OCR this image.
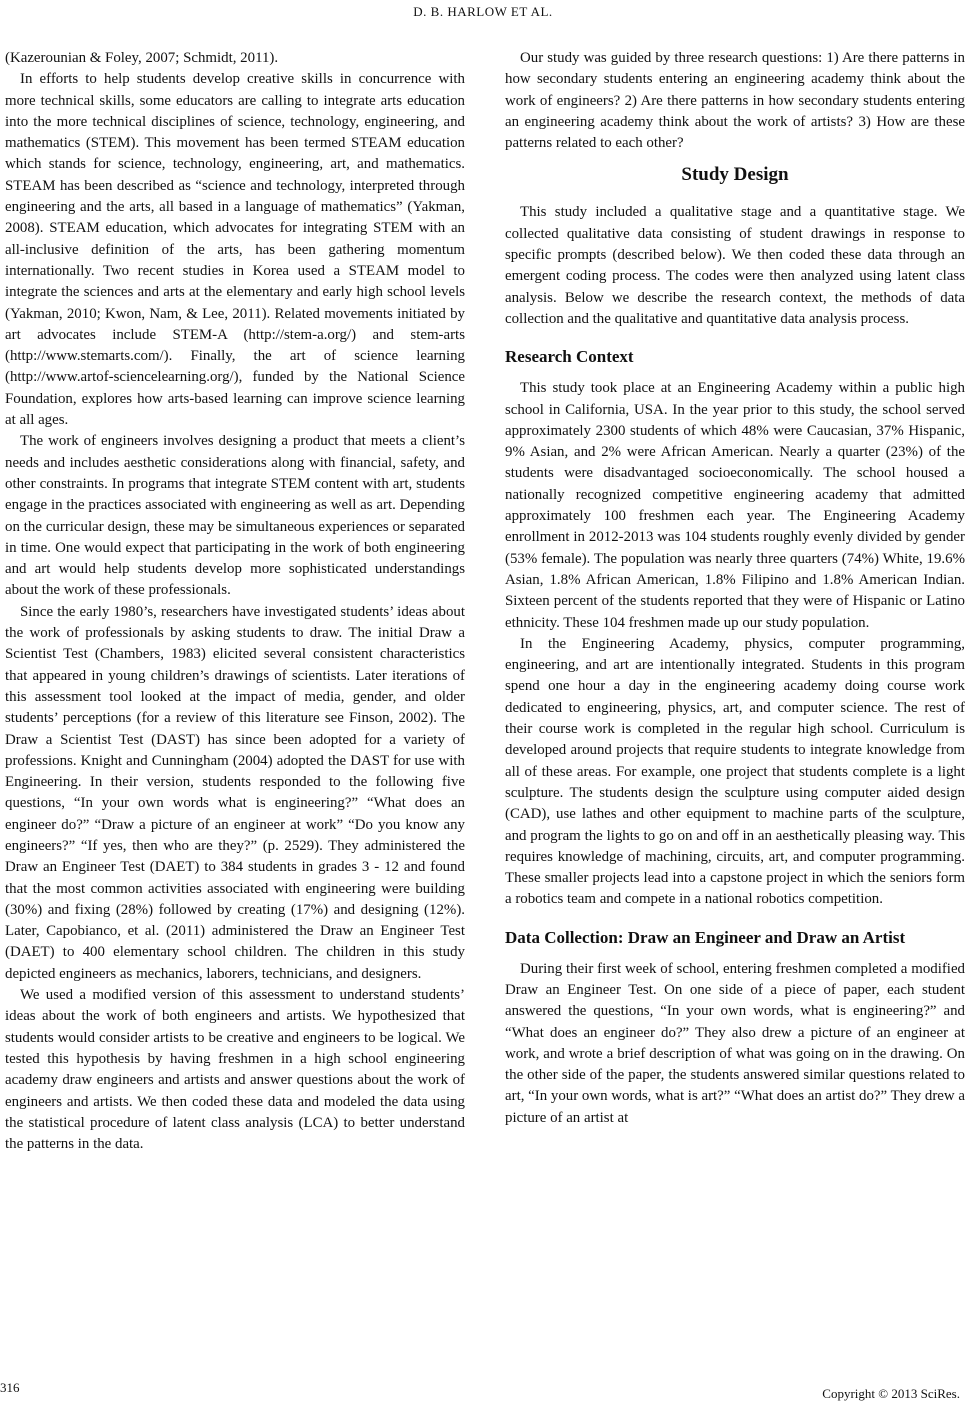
D. B. HARLOW ET AL.

(Kazerounian & Foley, 2007; Schmidt, 2011).

In efforts to help students develop creative skills in concurrence with more technical skills, some educators are calling to integrate arts education into the more technical disciplines of science, technology, engineering, and mathematics (STEM). This movement has been termed STEAM education which stands for science, technology, engineering, art, and mathematics. STEAM has been described as “science and technology, interpreted through engineering and the arts, all based in a language of mathematics” (Yakman, 2008). STEAM education, which advocates for integrating STEM with an all-inclusive definition of the arts, has been gathering momentum internationally. Two recent studies in Korea used a STEAM model to integrate the sciences and arts at the elementary and early high school levels (Yakman, 2010; Kwon, Nam, & Lee, 2011). Related movements initiated by art advocates include STEM-A (http://stem-a.org/) and stem-arts (http://www.stemarts.com/). Finally, the art of science learning (http://www.artof-sciencelearning.org/), funded by the National Science Foundation, explores how arts-based learning can improve science learning at all ages.

The work of engineers involves designing a product that meets a client’s needs and includes aesthetic considerations along with financial, safety, and other constraints. In programs that integrate STEM content with art, students engage in the practices associated with engineering as well as art. Depending on the curricular design, these may be simultaneous experiences or separated in time. One would expect that participating in the work of both engineering and art would help students develop more sophisticated understandings about the work of these professionals.

Since the early 1980’s, researchers have investigated students’ ideas about the work of professionals by asking students to draw. The initial Draw a Scientist Test (Chambers, 1983) elicited several consistent characteristics that appeared in young children’s drawings of scientists. Later iterations of this assessment tool looked at the impact of media, gender, and older students’ perceptions (for a review of this literature see Finson, 2002). The Draw a Scientist Test (DAST) has since been adopted for a variety of professions. Knight and Cunningham (2004) adopted the DAST for use with Engineering. In their version, students responded to the following five questions, “In your own words what is engineering?” “What does an engineer do?” “Draw a picture of an engineer at work” “Do you know any engineers?” “If yes, then who are they?” (p. 2529). They administered the Draw an Engineer Test (DAET) to 384 students in grades 3 - 12 and found that the most common activities associated with engineering were building (30%) and fixing (28%) followed by creating (17%) and designing (12%). Later, Capobianco, et al. (2011) administered the Draw an Engineer Test (DAET) to 400 elementary school children. The children in this study depicted engineers as mechanics, laborers, technicians, and designers.

We used a modified version of this assessment to understand students’ ideas about the work of both engineers and artists. We hypothesized that students would consider artists to be creative and engineers to be logical. We tested this hypothesis by having freshmen in a high school engineering academy draw engineers and artists and answer questions about the work of engineers and artists. We then coded these data and modeled the data using the statistical procedure of latent class analysis (LCA) to better understand the patterns in the data.

Our study was guided by three research questions: 1) Are there patterns in how secondary students entering an engineering academy think about the work of engineers? 2) Are there patterns in how secondary students entering an engineering academy think about the work of artists? 3) How are these patterns related to each other?

Study Design

This study included a qualitative stage and a quantitative stage. We collected qualitative data consisting of student drawings in response to specific prompts (described below). We then coded these data through an emergent coding process. The codes were then analyzed using latent class analysis. Below we describe the research context, the methods of data collection and the qualitative and quantitative data analysis process.

Research Context

This study took place at an Engineering Academy within a public high school in California, USA. In the year prior to this study, the school served approximately 2300 students of which 48% were Caucasian, 37% Hispanic, 9% Asian, and 2% were African American. Nearly a quarter (23%) of the students were disadvantaged socioeconomically. The school housed a nationally recognized competitive engineering academy that admitted approximately 100 freshmen each year. The Engineering Academy enrollment in 2012-2013 was 104 students roughly evenly divided by gender (53% female). The population was nearly three quarters (74%) White, 19.6% Asian, 1.8% African American, 1.8% Filipino and 1.8% American Indian. Sixteen percent of the students reported that they were of Hispanic or Latino ethnicity. These 104 freshmen made up our study population.

In the Engineering Academy, physics, computer programming, engineering, and art are intentionally integrated. Students in this program spend one hour a day in the engineering academy doing course work dedicated to engineering, physics, art, and computer science. The rest of their course work is completed in the regular high school. Curriculum is developed around projects that require students to integrate knowledge from all of these areas. For example, one project that students complete is a light sculpture. The students design the sculpture using computer aided design (CAD), use lathes and other equipment to machine parts of the sculpture, and program the lights to go on and off in an aesthetically pleasing way. This requires knowledge of machining, circuits, art, and computer programming. These smaller projects lead into a capstone project in which the seniors form a robotics team and compete in a national robotics competition.

Data Collection: Draw an Engineer and Draw an Artist

During their first week of school, entering freshmen completed a modified Draw an Engineer Test. On one side of a piece of paper, each student answered the questions, “In your own words, what is engineering?” and “What does an engineer do?” They also drew a picture of an engineer at work, and wrote a brief description of what was going on in the drawing. On the other side of the paper, the students answered similar questions related to art, “In your own words, what is art?” “What does an artist do?” They drew a picture of an artist at

316	Copyright © 2013 SciRes.
